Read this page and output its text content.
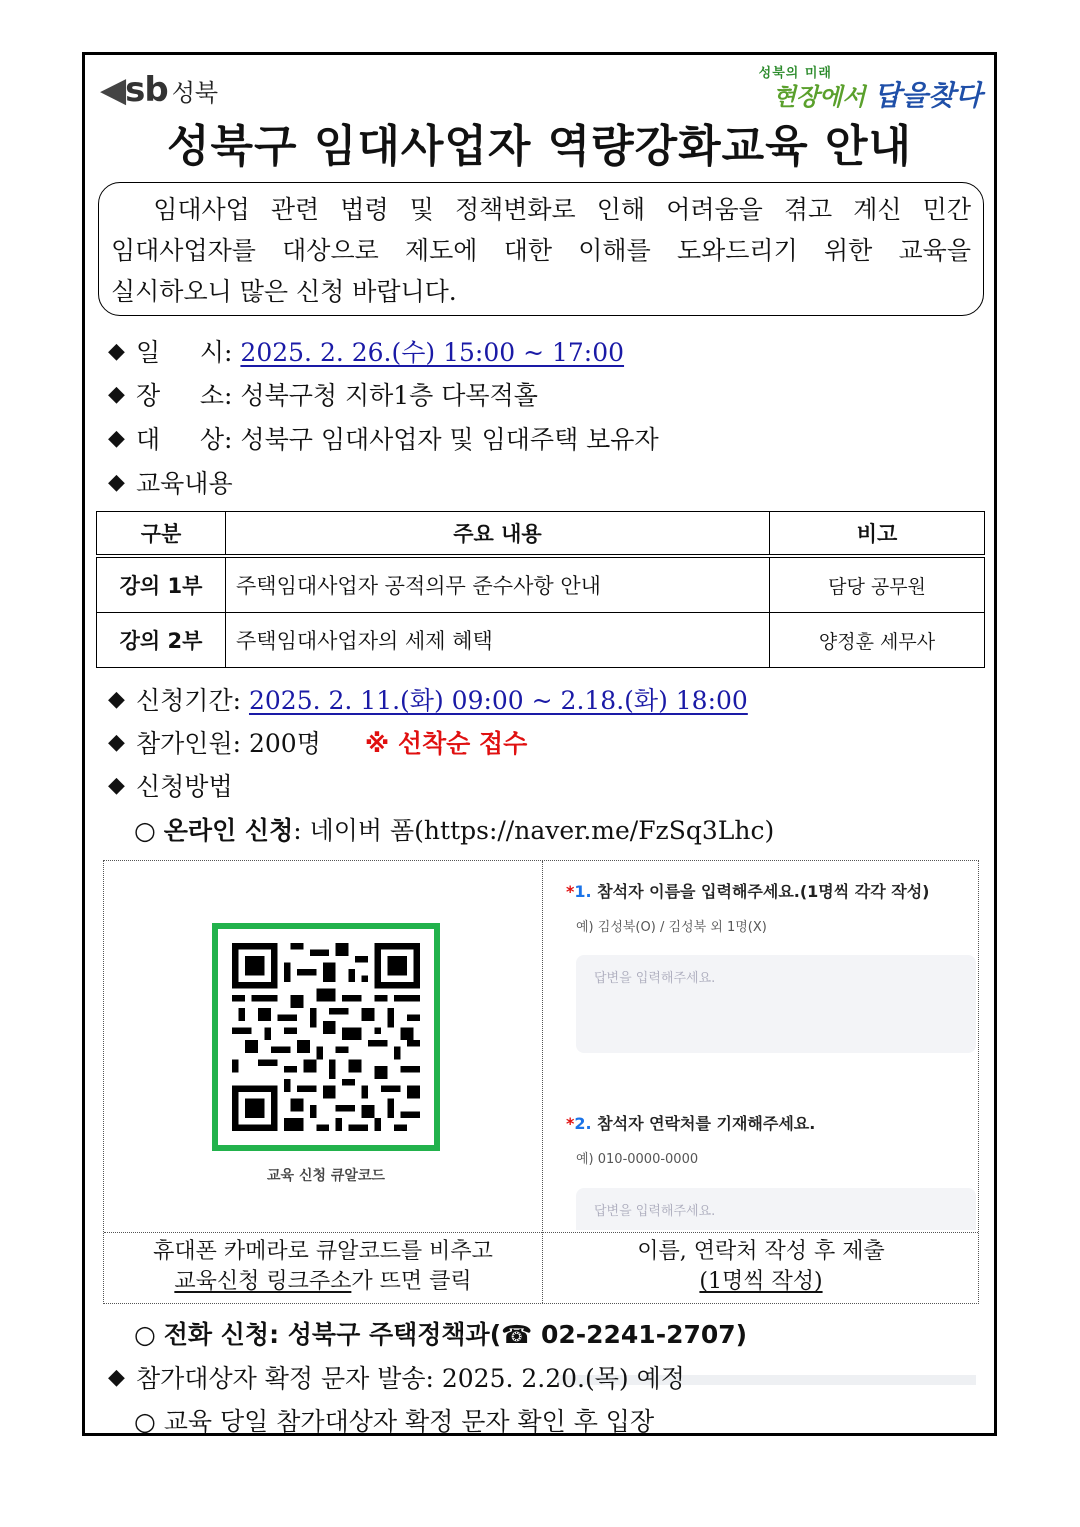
◀sb 성북
성북의 미래
현장에서 답을찾다
성북구 임대사업자 역량강화교육 안내
임대사업 관련 법령 및 정책변화로 인해 어려움을 겪고 계신 민간
임대사업자를 대상으로 제도에 대한 이해를 도와드리기 위한 교육을
실시하오니 많은 신청 바랍니다.
◆ 일     시:
2025. 2. 26.(수) 15:00 ~ 17:00
◆ 장     소:
성북구청 지하1층 다목적홀
◆ 대     상:
성북구 임대사업자 및 임대주택 보유자
◆ 교육내용
구분	주요 내용	비고
강의 1부	주택임대사업자 공적의무 준수사항 안내	담당 공무원
강의 2부	주택임대사업자의 세제 혜택	양정훈 세무사
◆ 신청기간:
2025. 2. 11.(화) 09:00 ~ 2.18.(화) 18:00
◆ 참가인원:
200명 ※ 선착순 접수
◆ 신청방법
○ 온라인 신청: 네이버 폼(https://naver.me/FzSq3Lhc)
교육 신청 큐알코드
*1. 참석자 이름을 입력해주세요.(1명씩 각각 작성)
예) 김성북(O) / 김성북 외 1명(X)
답변을 입력해주세요.
*2. 참석자 연락처를 기재해주세요.
예) 010-0000-0000
답변을 입력해주세요.
휴대폰 카메라로 큐알코드를 비추고
교육신청 링크주소가 뜨면 클릭
이름, 연락처 작성 후 제출
(1명씩 작성)
○ 전화 신청: 성북구 주택정책과(☎ 02-2241-2707)
◆ 참가대상자 확정 문자 발송: 2025. 2.20.(목) 예정
○ 교육 당일 참가대상자 확정 문자 확인 후 입장
